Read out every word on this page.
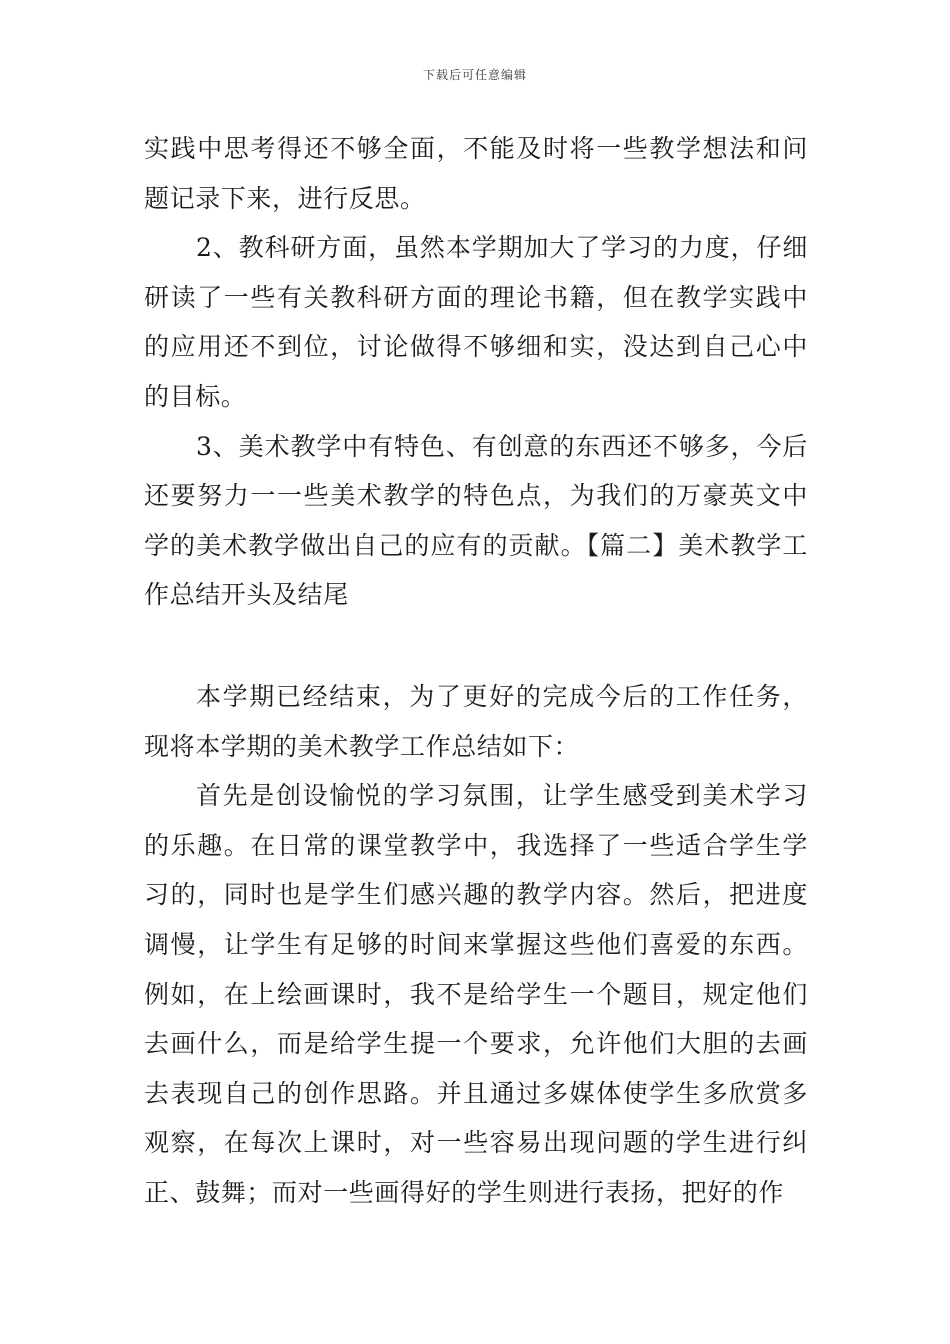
下载后可任意编辑

实践中思考得还不够全面，不能及时将一些教学想法和问题记录下来，进行反思。

2、教科研方面，虽然本学期加大了学习的力度，仔细研读了一些有关教科研方面的理论书籍，但在教学实践中的应用还不到位，讨论做得不够细和实，没达到自己心中的目标。

3、美术教学中有特色、有创意的东西还不够多，今后还要努力一一些美术教学的特色点，为我们的万豪英文中学的美术教学做出自己的应有的贡献。【篇二】美术教学工作总结开头及结尾

本学期已经结束，为了更好的完成今后的工作任务，现将本学期的美术教学工作总结如下：

首先是创设愉悦的学习氛围，让学生感受到美术学习的乐趣。在日常的课堂教学中，我选择了一些适合学生学习的，同时也是学生们感兴趣的教学内容。然后，把进度调慢，让学生有足够的时间来掌握这些他们喜爱的东西。例如，在上绘画课时，我不是给学生一个题目，规定他们去画什么，而是给学生提一个要求，允许他们大胆的去画去表现自己的创作思路。并且通过多媒体使学生多欣赏多观察，在每次上课时，对一些容易出现问题的学生进行纠正、鼓舞；而对一些画得好的学生则进行表扬，把好的作
